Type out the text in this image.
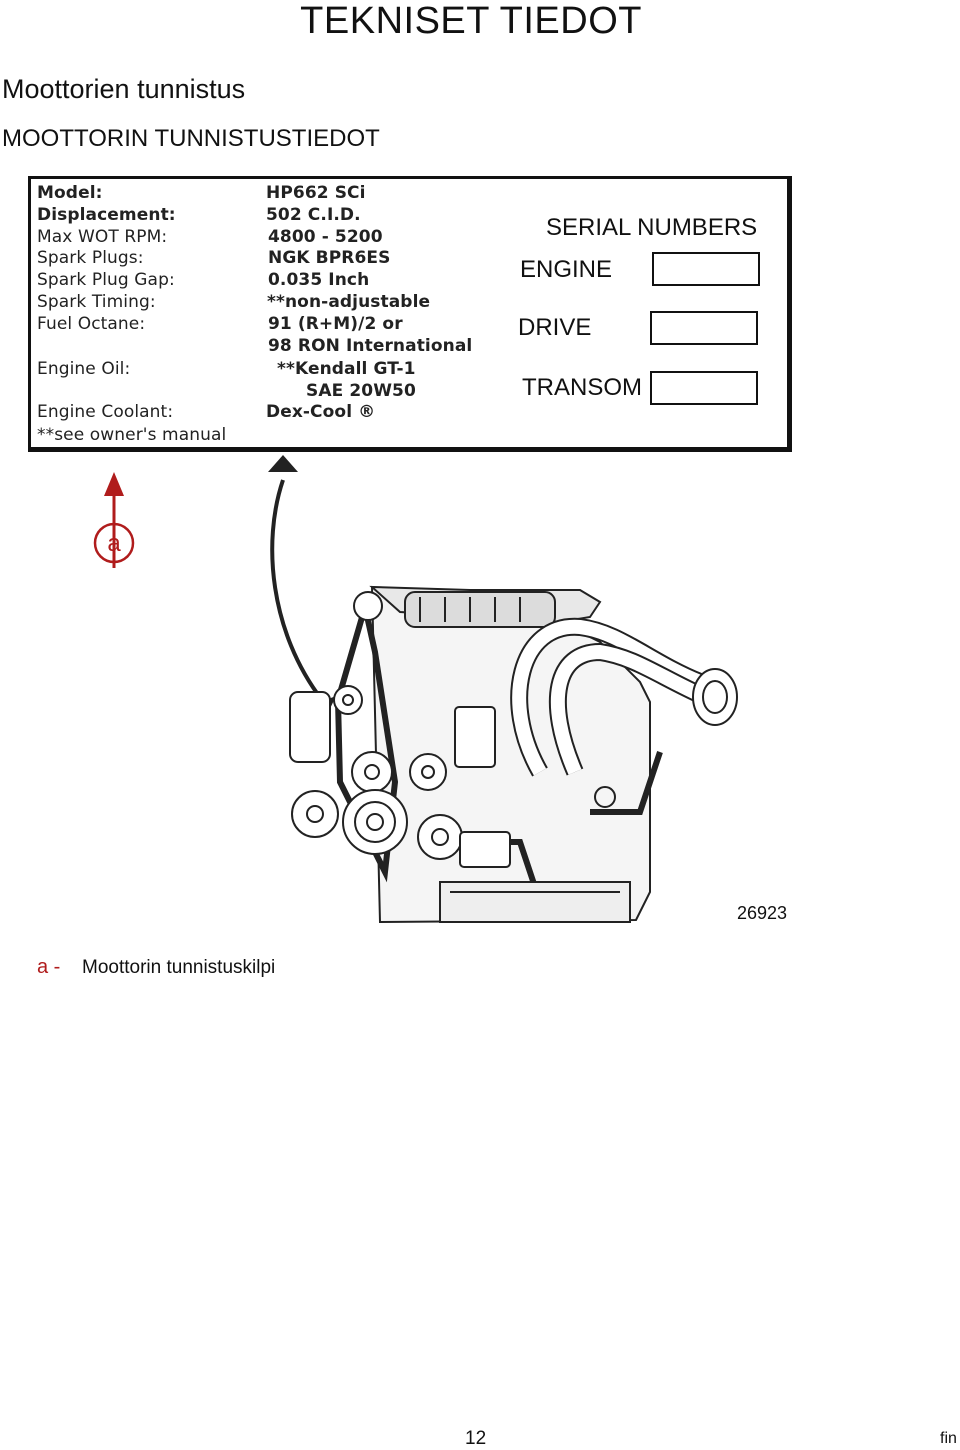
TEKNISET TIEDOT
Moottorien tunnistus
MOOTTORIN TUNNISTUSTIEDOT
Model:
Displacement:
Max WOT RPM:
Spark Plugs:
Spark Plug Gap:
Spark Timing:
Fuel Octane:
Engine Oil:
Engine Coolant:
**see owner's manual
HP662 SCi
502 C.I.D.
4800 - 5200
NGK BPR6ES
0.035 Inch
**non-adjustable
91 (R+M)/2 or
98 RON International
**Kendall GT-1
SAE 20W50
Dex-Cool ®
SERIAL NUMBERS
ENGINE
DRIVE
TRANSOM
a
26923
a - Moottorin tunnistuskilpi
12	fin
